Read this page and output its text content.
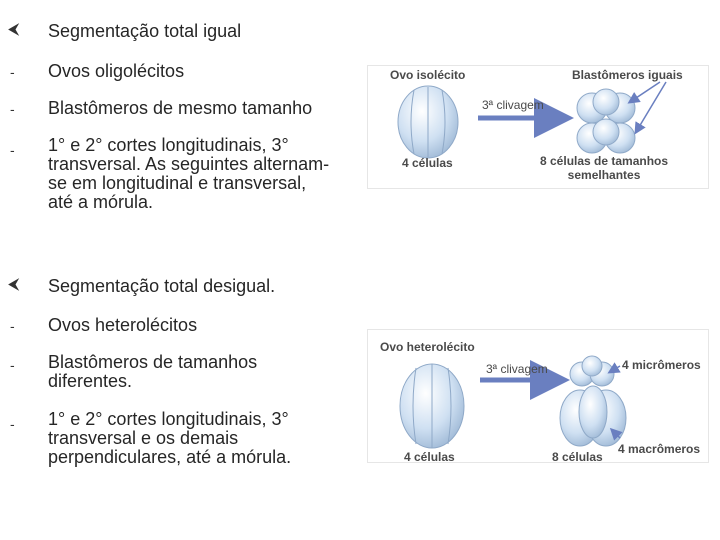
⮜ Segmentação total igual
- Ovos oligolécitos
- Blastômeros de mesmo tamanho
- 1° e 2° cortes longitudinais, 3°
transversal. As seguintes alternam-
se em longitudinal e transversal,
até a mórula.
⮜ Segmentação total desigual.
- Ovos heterolécitos
- Blastômeros de tamanhos
diferentes.
- 1° e 2° cortes longitudinais, 3°
transversal e os demais
perpendiculares, até a mórula.
Ovo isolécito	Blastômeros iguais
3ª clivagem
4 células	8 células de tamanhos
semelhantes
Ovo heterolécito
3ª clivagem	4 micrômeros
4 macrômeros
4 células	8 células
